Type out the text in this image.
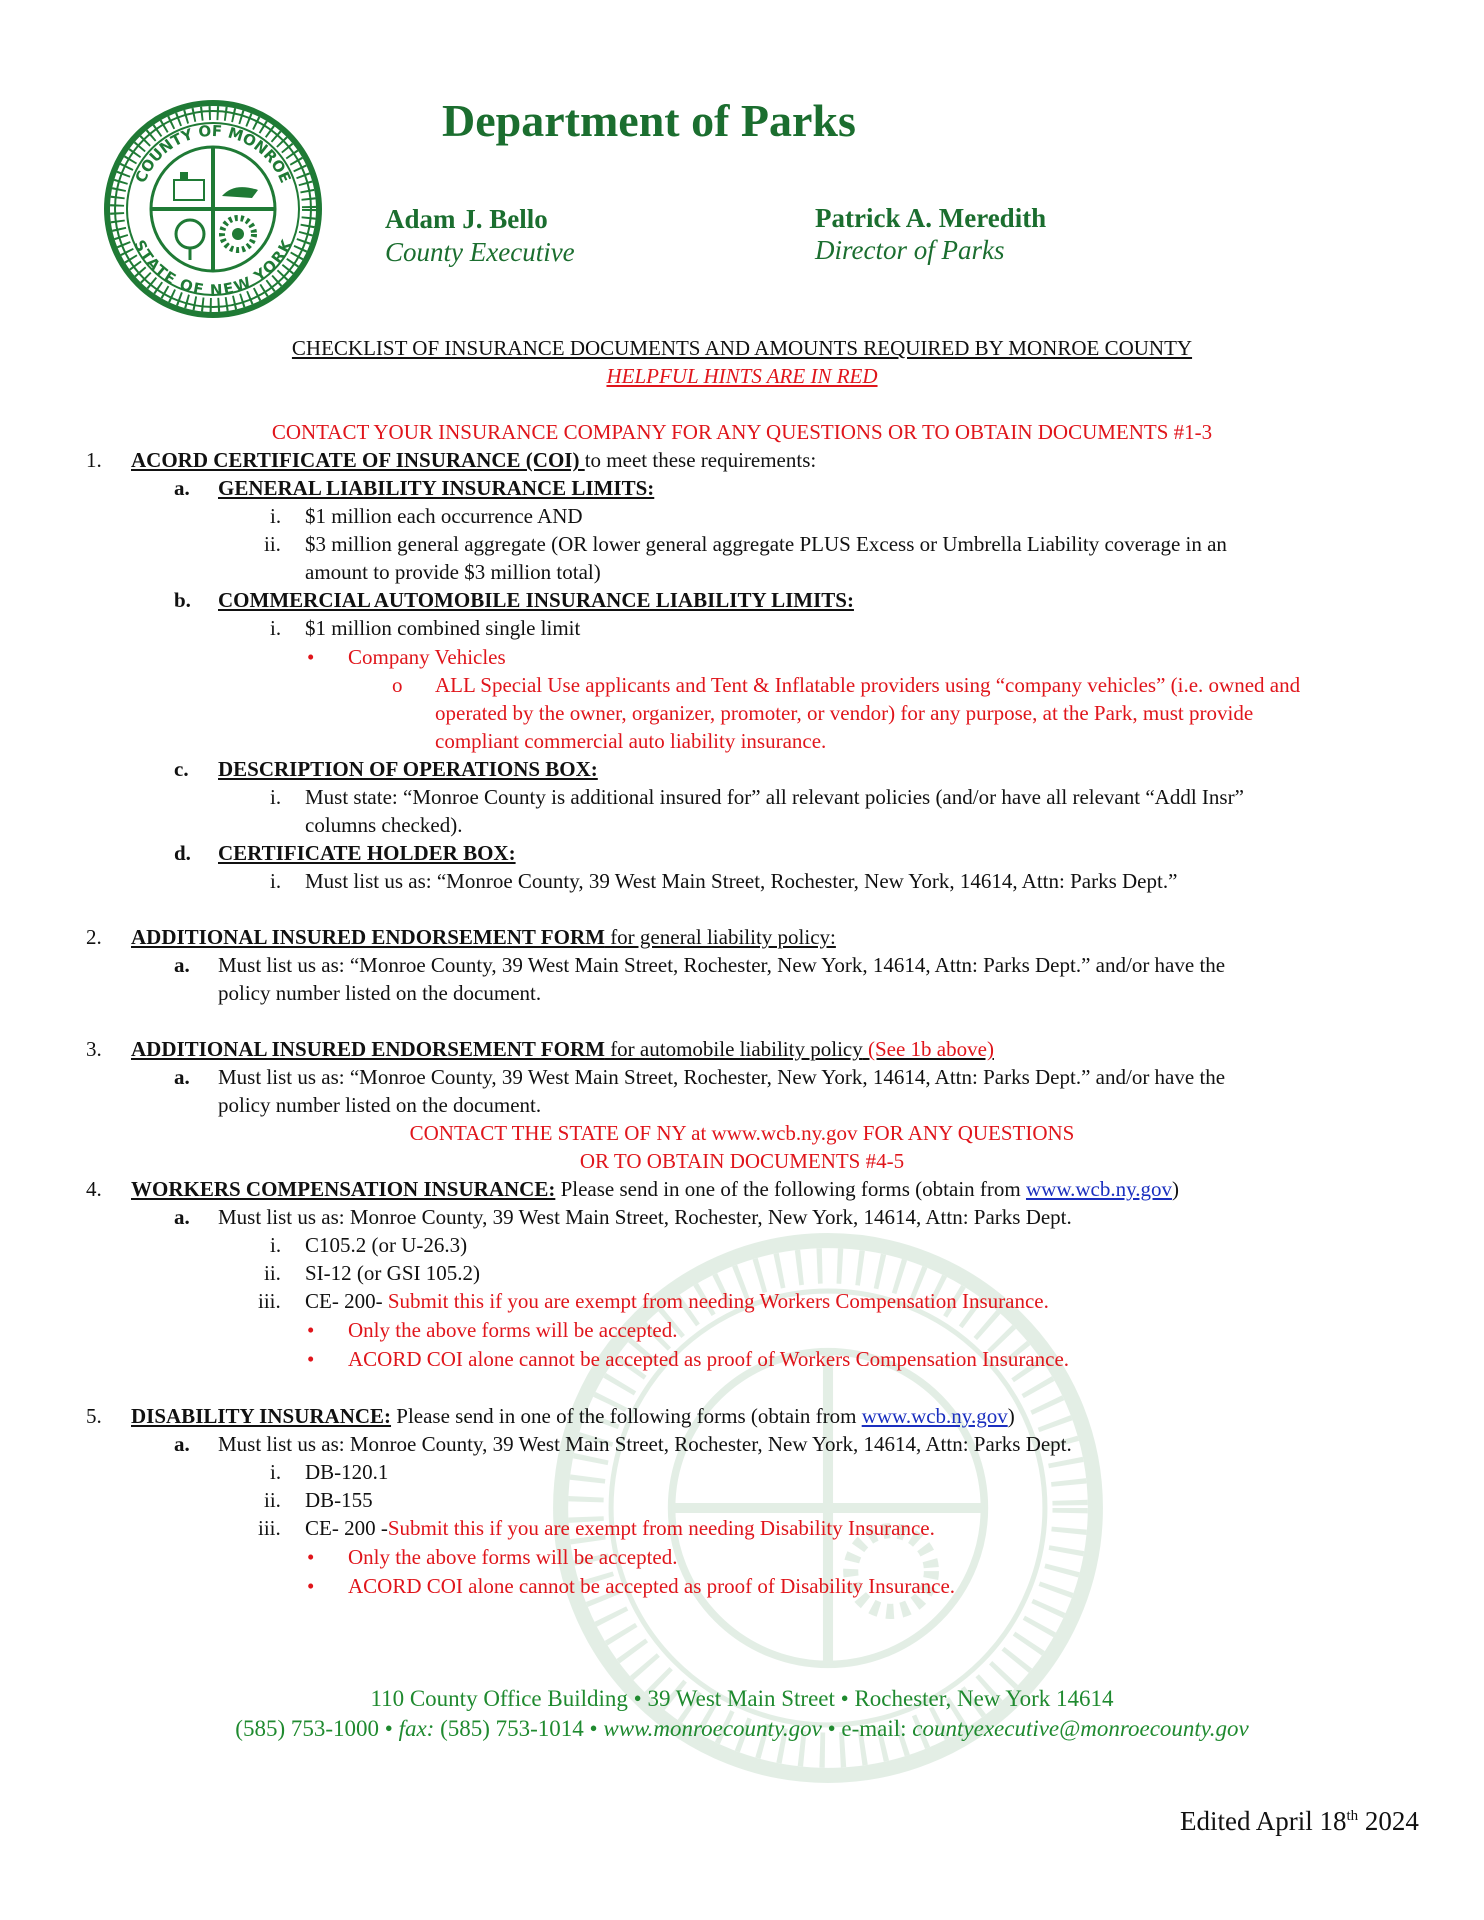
COUNTY OF MONROE
STATE OF NEW YORK
Department of Parks
Adam J. Bello
County Executive
Patrick A. Meredith
Director of Parks
CHECKLIST OF INSURANCE DOCUMENTS AND AMOUNTS REQUIRED BY MONROE COUNTY
HELPFUL HINTS ARE IN RED
CONTACT YOUR INSURANCE COMPANY FOR ANY QUESTIONS OR TO OBTAIN DOCUMENTS #1-3
1. ACORD CERTIFICATE OF INSURANCE (COI) to meet these requirements:
a. GENERAL LIABILITY INSURANCE LIMITS:
i. $1 million each occurrence AND
ii. $3 million general aggregate (OR lower general aggregate PLUS Excess or Umbrella Liability coverage in an
amount to provide $3 million total)
b. COMMERCIAL AUTOMOBILE INSURANCE LIABILITY LIMITS:
i. $1 million combined single limit
• Company Vehicles
o ALL Special Use applicants and Tent & Inflatable providers using “company vehicles” (i.e. owned and
operated by the owner, organizer, promoter, or vendor) for any purpose, at the Park, must provide
compliant commercial auto liability insurance.
c. DESCRIPTION OF OPERATIONS BOX:
i. Must state: “Monroe County is additional insured for” all relevant policies (and/or have all relevant “Addl Insr”
columns checked).
d. CERTIFICATE HOLDER BOX:
i. Must list us as: “Monroe County, 39 West Main Street, Rochester, New York, 14614, Attn: Parks Dept.”
2. ADDITIONAL INSURED ENDORSEMENT FORM for general liability policy:
a. Must list us as: “Monroe County, 39 West Main Street, Rochester, New York, 14614, Attn: Parks Dept.” and/or have the
policy number listed on the document.
3. ADDITIONAL INSURED ENDORSEMENT FORM for automobile liability policy (See 1b above)
a. Must list us as: “Monroe County, 39 West Main Street, Rochester, New York, 14614, Attn: Parks Dept.” and/or have the
policy number listed on the document.
CONTACT THE STATE OF NY at www.wcb.ny.gov FOR ANY QUESTIONS
OR TO OBTAIN DOCUMENTS #4-5
4. WORKERS COMPENSATION INSURANCE: Please send in one of the following forms (obtain from www.wcb.ny.gov)
a. Must list us as: Monroe County, 39 West Main Street, Rochester, New York, 14614, Attn: Parks Dept.
i. C105.2 (or U-26.3)
ii. SI-12 (or GSI 105.2)
iii. CE- 200- Submit this if you are exempt from needing Workers Compensation Insurance.
• Only the above forms will be accepted.
• ACORD COI alone cannot be accepted as proof of Workers Compensation Insurance.
5. DISABILITY INSURANCE: Please send in one of the following forms (obtain from www.wcb.ny.gov)
a. Must list us as: Monroe County, 39 West Main Street, Rochester, New York, 14614, Attn: Parks Dept.
i. DB-120.1
ii. DB-155
iii. CE- 200 -Submit this if you are exempt from needing Disability Insurance.
• Only the above forms will be accepted.
• ACORD COI alone cannot be accepted as proof of Disability Insurance.
110 County Office Building • 39 West Main Street • Rochester, New York 14614
(585) 753-1000 • fax: (585) 753-1014 • www.monroecounty.gov • e-mail: countyexecutive@monroecounty.gov
Edited April 18th 2024
